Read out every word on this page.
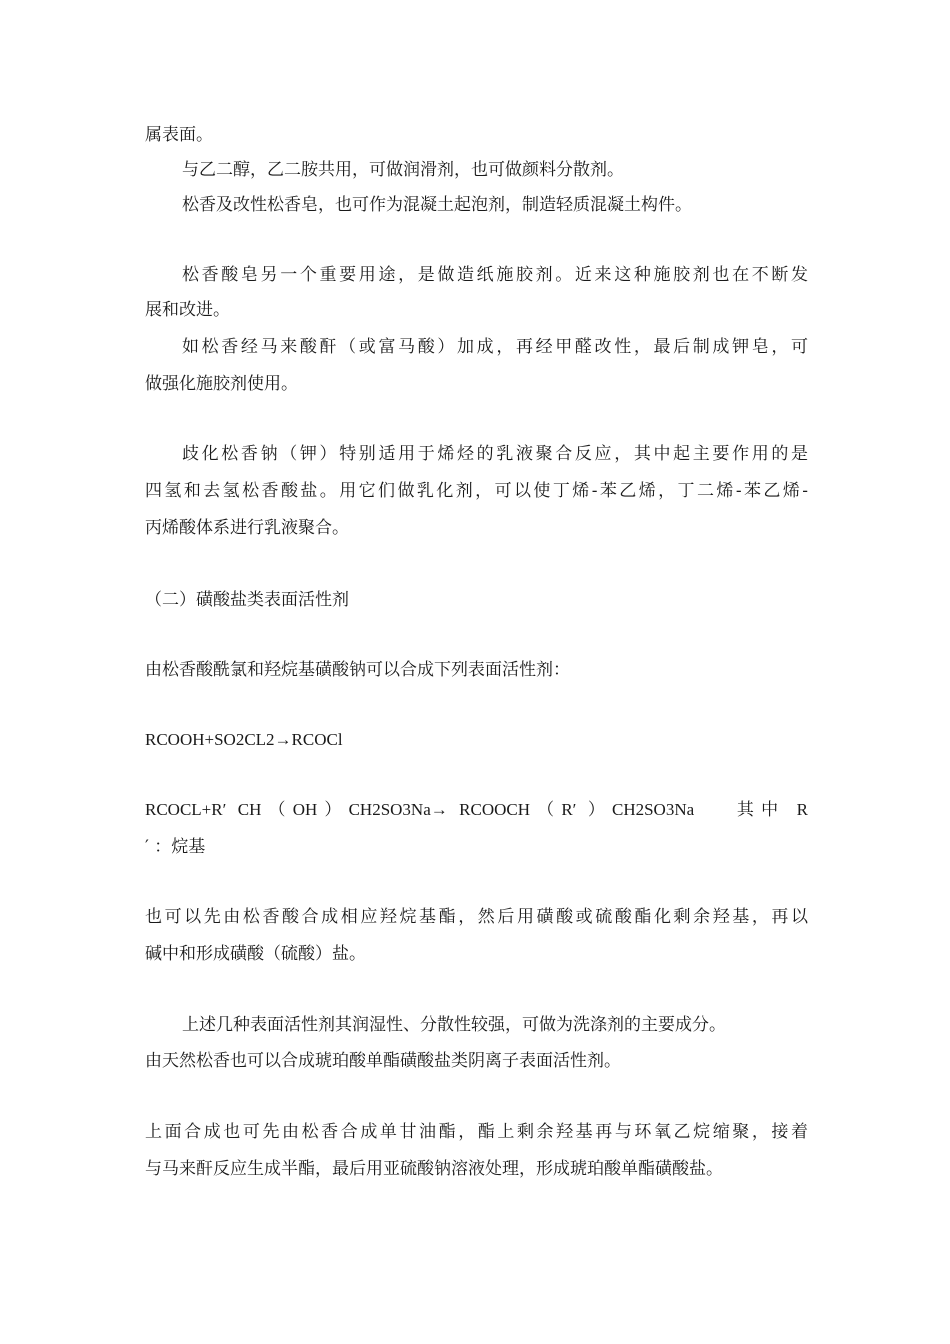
属表面。
与乙二醇，乙二胺共用，可做润滑剂，也可做颜料分散剂。
松香及改性松香皂，也可作为混凝土起泡剂，制造轻质混凝土构件。
松香酸皂另一个重要用途，是做造纸施胶剂。近来这种施胶剂也在不断发
展和改进。
如松香经马来酸酐（或富马酸）加成，再经甲醛改性，最后制成钾皂，可
做强化施胶剂使用。
歧化松香钠（钾）特别适用于烯烃的乳液聚合反应，其中起主要作用的是
四氢和去氢松香酸盐。用它们做乳化剂，可以使丁烯-苯乙烯，丁二烯-苯乙烯-
丙烯酸体系进行乳液聚合。
（二）磺酸盐类表面活性剂
由松香酸酰氯和羟烷基磺酸钠可以合成下列表面活性剂：
RCOOH+SO2CL2→RCOCl
RCOCL+R′ CH（OH）CH2SO3Na→ RCOOCH（R′ ）CH2SO3Na　 其中 R
′ ：烷基
也可以先由松香酸合成相应羟烷基酯，然后用磺酸或硫酸酯化剩余羟基，再以
碱中和形成磺酸（硫酸）盐。
上述几种表面活性剂其润湿性、分散性较强，可做为洗涤剂的主要成分。
由天然松香也可以合成琥珀酸单酯磺酸盐类阴离子表面活性剂。
上面合成也可先由松香合成单甘油酯，酯上剩余羟基再与环氧乙烷缩聚，接着
与马来酐反应生成半酯，最后用亚硫酸钠溶液处理，形成琥珀酸单酯磺酸盐。
